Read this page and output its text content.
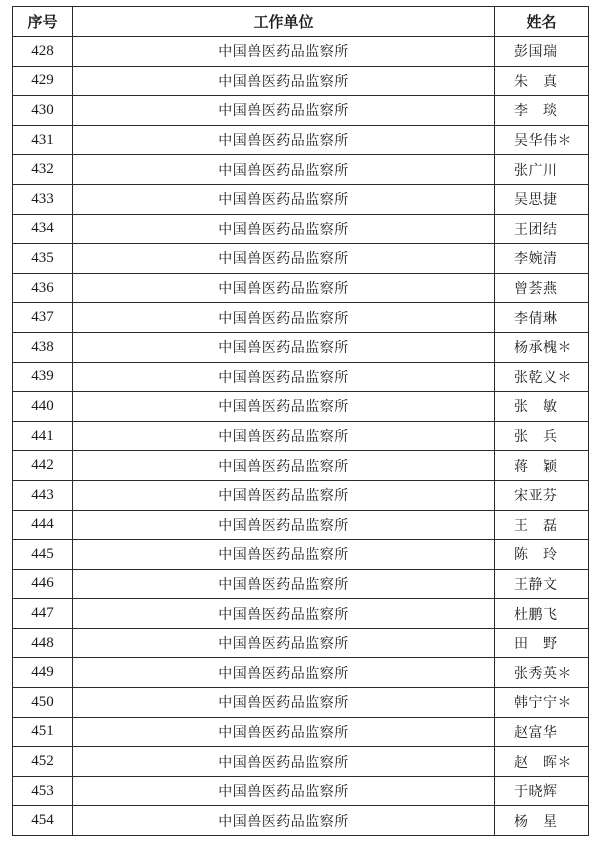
序号	工作单位	姓名
428	中国兽医药品监察所	彭国瑞
429	中国兽医药品监察所	朱　真
430	中国兽医药品监察所	李　琰
431	中国兽医药品监察所	吴华伟＊
432	中国兽医药品监察所	张广川
433	中国兽医药品监察所	吴思捷
434	中国兽医药品监察所	王团结
435	中国兽医药品监察所	李婉清
436	中国兽医药品监察所	曾荟燕
437	中国兽医药品监察所	李倩琳
438	中国兽医药品监察所	杨承槐＊
439	中国兽医药品监察所	张乾义＊
440	中国兽医药品监察所	张　敏
441	中国兽医药品监察所	张　兵
442	中国兽医药品监察所	蒋　颖
443	中国兽医药品监察所	宋亚芬
444	中国兽医药品监察所	王　磊
445	中国兽医药品监察所	陈　玲
446	中国兽医药品监察所	王静文
447	中国兽医药品监察所	杜鹏飞
448	中国兽医药品监察所	田　野
449	中国兽医药品监察所	张秀英＊
450	中国兽医药品监察所	韩宁宁＊
451	中国兽医药品监察所	赵富华
452	中国兽医药品监察所	赵　晖＊
453	中国兽医药品监察所	于晓辉
454	中国兽医药品监察所	杨　星
